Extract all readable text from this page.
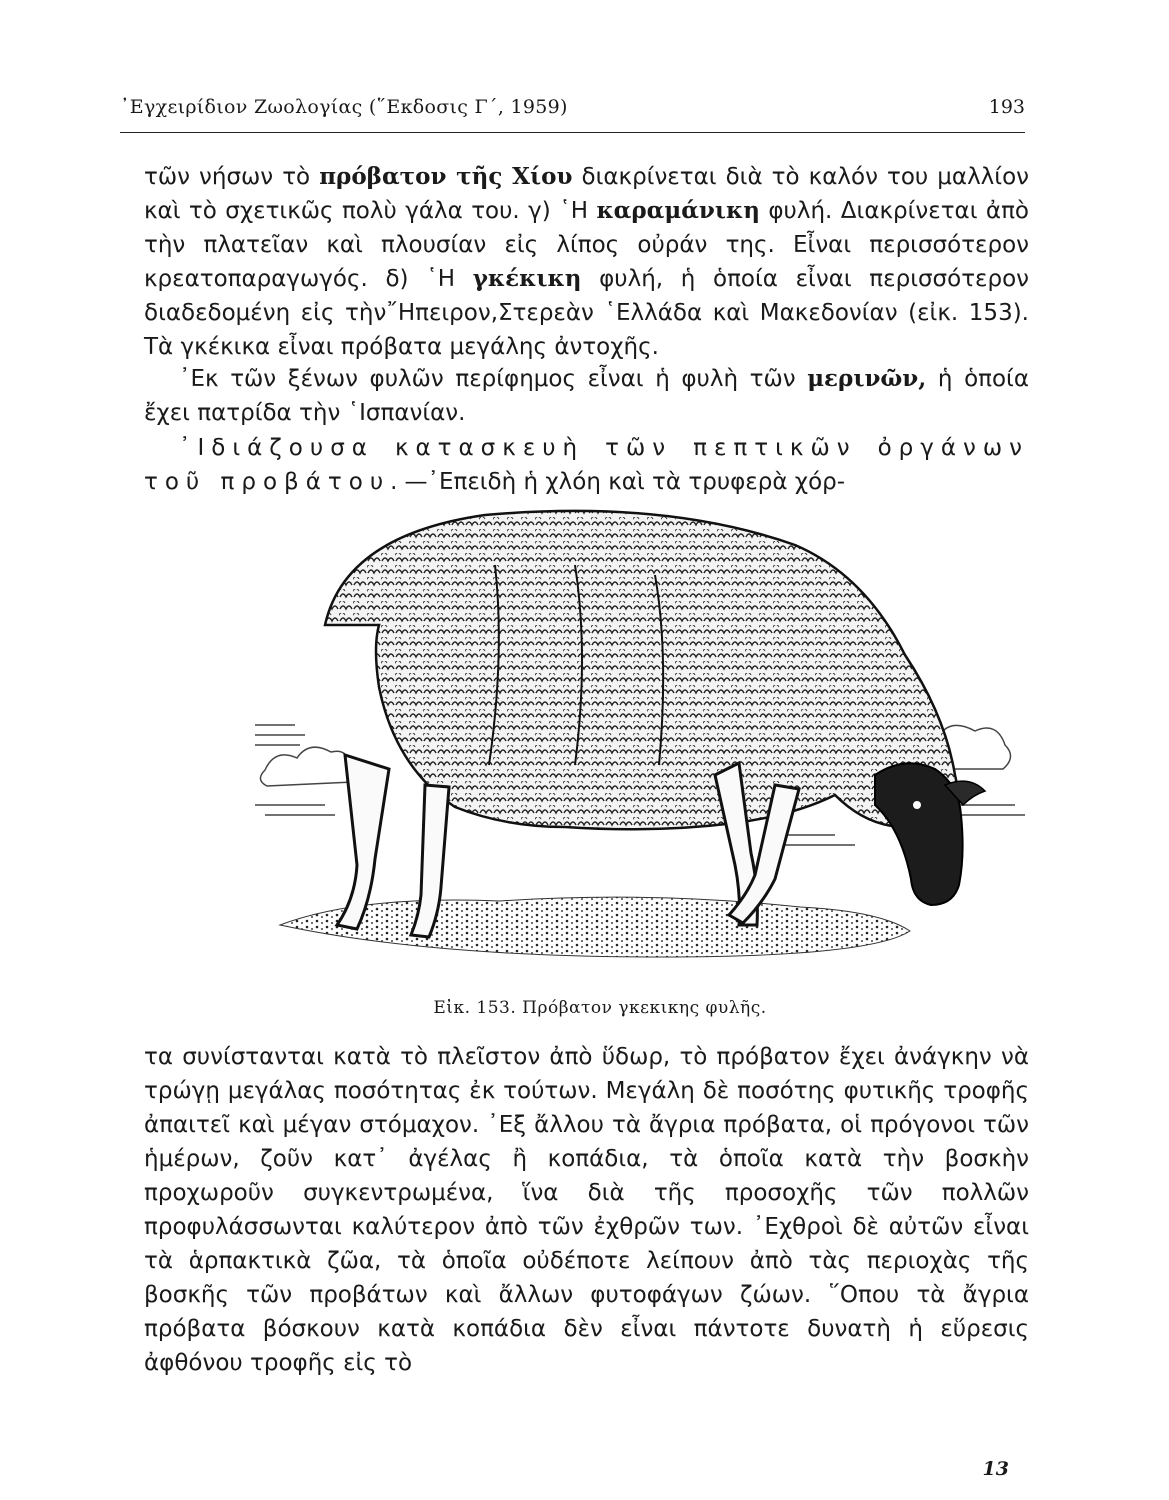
᾿Εγχειρίδιον Ζωολογίας (῞Εκδοσις Γ΄, 1959)	193

τῶν νήσων τὸ πρόβατον τῆς Χίου διακρίνεται διὰ τὸ καλόν του μαλλίον καὶ τὸ σχετικῶς πολὺ γάλα του. γ) ῾Η καραμάνικη φυλή. Διακρίνεται ἀπὸ τὴν πλατεῖαν καὶ πλουσίαν εἰς λίπος οὐράν της. Εἶναι περισσότερον κρεατοπαραγωγός. δ) ῾Η γκέκικη φυλή, ἡ ὁποία εἶναι περισσότερον διαδεδομένη εἰς τὴν῎Ηπειρον,Στερεὰν ῾Ελλάδα καὶ Μακεδονίαν (εἰκ. 153). Τὰ γκέκικα εἶναι πρόβατα μεγάλης ἀντοχῆς.

᾿Εκ τῶν ξένων φυλῶν περίφημος εἶναι ἡ φυλὴ τῶν μερινῶν, ἡ ὁποία ἔχει πατρίδα τὴν ῾Ισπανίαν.

᾿Ιδιάζουσα κατασκευὴ τῶν πεπτικῶν ὀργάνων τοῦ προβάτου.—᾿Επειδὴ ἡ χλόη καὶ τὰ τρυφερὰ χόρ-

Εἰκ. 153. Πρόβατον γκεκικης φυλῆς.

τα συνίστανται κατὰ τὸ πλεῖστον ἀπὸ ὕδωρ, τὸ πρόβατον ἔχει ἀνάγκην νὰ τρώγῃ μεγάλας ποσότητας ἐκ τούτων. Μεγάλη δὲ ποσότης φυτικῆς τροφῆς ἀπαιτεῖ καὶ μέγαν στόμαχον. ᾿Εξ ἄλλου τὰ ἄγρια πρόβατα, οἱ πρόγονοι τῶν ἡμέρων, ζοῦν κατ᾿ ἀγέλας ἢ κοπάδια, τὰ ὁποῖα κατὰ τὴν βοσκὴν προχωροῦν συγκεντρωμένα, ἵνα διὰ τῆς προσοχῆς τῶν πολλῶν προφυλάσσωνται καλύτερον ἀπὸ τῶν ἐχθρῶν των. ᾿Εχθροὶ δὲ αὐτῶν εἶναι τὰ ἁρπακτικὰ ζῶα, τὰ ὁποῖα οὐδέποτε λείπουν ἀπὸ τὰς περιοχὰς τῆς βοσκῆς τῶν προβάτων καὶ ἄλλων φυτοφάγων ζώων. ῞Οπου τὰ ἄγρια πρόβατα βόσκουν κατὰ κοπάδια δὲν εἶναι πάντοτε δυνατὴ ἡ εὕρεσις ἀφθόνου τροφῆς εἰς τὸ

13
